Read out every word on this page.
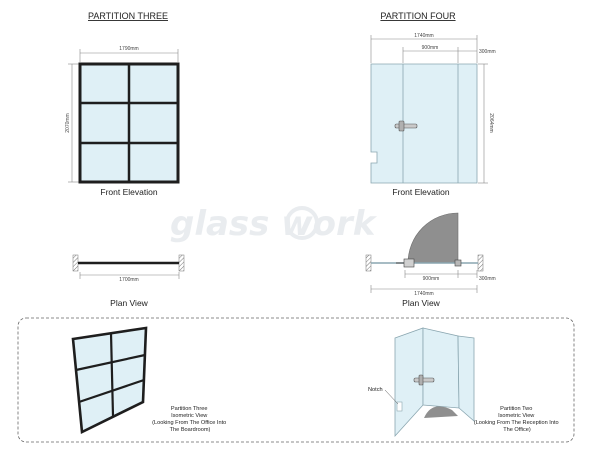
glass work
PARTITION THREE
1790mm
2070mm
Front Elevation
1700mm
Plan View
PARTITION FOUR
1740mm
900mm
300mm
2064mm
Front Elevation
900mm	300mm
1740mm
Plan View
Partition Three Isometric View (Looking From The Office Into The Boardroom)
Notch
Partition Two Isometric View (Looking From The Reception Into The Office)
